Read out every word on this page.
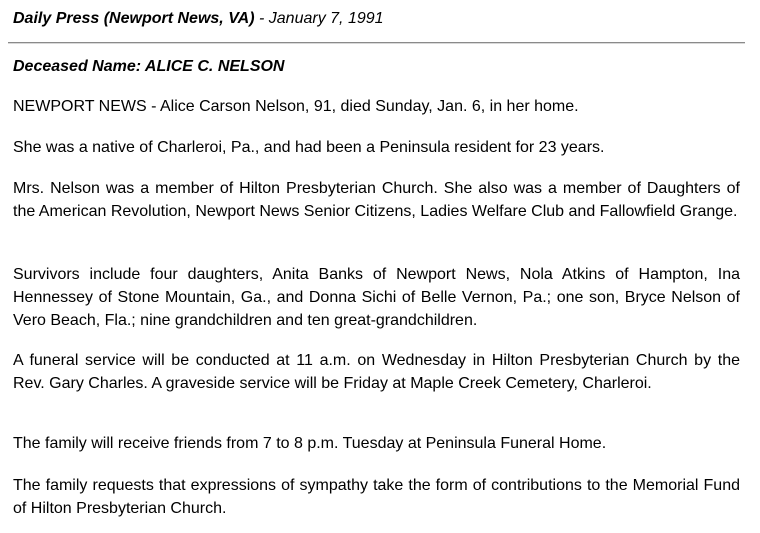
Daily Press (Newport News, VA) - January 7, 1991
Deceased Name: ALICE C. NELSON

NEWPORT NEWS - Alice Carson Nelson, 91, died Sunday, Jan. 6, in her home.

She was a native of Charleroi, Pa., and had been a Peninsula resident for 23 years.

Mrs. Nelson was a member of Hilton Presbyterian Church. She also was a member of Daughters of the American Revolution, Newport News Senior Citizens, Ladies Welfare Club and Fallowfield Grange.

Survivors include four daughters, Anita Banks of Newport News, Nola Atkins of Hampton, Ina Hennessey of Stone Mountain, Ga., and Donna Sichi of Belle Vernon, Pa.; one son, Bryce Nelson of Vero Beach, Fla.; nine grandchildren and ten great-grandchildren.

A funeral service will be conducted at 11 a.m. on Wednesday in Hilton Presbyterian Church by the Rev. Gary Charles. A graveside service will be Friday at Maple Creek Cemetery, Charleroi.

The family will receive friends from 7 to 8 p.m. Tuesday at Peninsula Funeral Home.

The family requests that expressions of sympathy take the form of contributions to the Memorial Fund of Hilton Presbyterian Church.
